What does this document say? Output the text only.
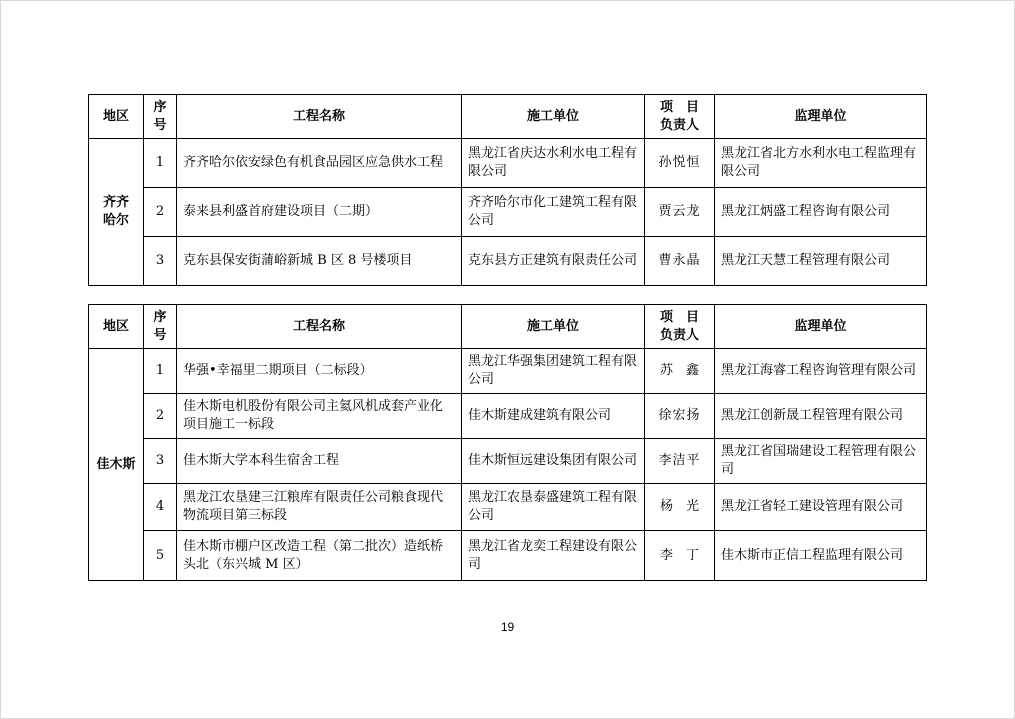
地区	序号	工程名称	施工单位	项　目负责人	监理单位
齐齐哈尔	1	齐齐哈尔依安绿色有机食品园区应急供水工程	黑龙江省庆达水利水电工程有限公司	孙悦恒	黑龙江省北方水利水电工程监理有限公司
	2	泰来县利盛首府建设项目（二期）	齐齐哈尔市化工建筑工程有限公司	贾云龙	黑龙江炳盛工程咨询有限公司
	3	克东县保安街蒲峪新城 B 区 8 号楼项目	克东县方正建筑有限责任公司	曹永晶	黑龙江天慧工程管理有限公司
地区	序号	工程名称	施工单位	项　目负责人	监理单位
佳木斯	1	华强•幸福里二期项目（二标段）	黑龙江华强集团建筑工程有限公司	苏　鑫	黑龙江海睿工程咨询管理有限公司
	2	佳木斯电机股份有限公司主氦风机成套产业化项目施工一标段	佳木斯建成建筑有限公司	徐宏扬	黑龙江创新晟工程管理有限公司
	3	佳木斯大学本科生宿舍工程	佳木斯恒远建设集团有限公司	李洁平	黑龙江省国瑞建设工程管理有限公司
	4	黑龙江农垦建三江粮库有限责任公司粮食现代物流项目第三标段	黑龙江农垦泰盛建筑工程有限公司	杨　光	黑龙江省轻工建设管理有限公司
	5	佳木斯市棚户区改造工程（第二批次）造纸桥头北（东兴城 M 区）	黑龙江省龙奕工程建设有限公司	李　丁	佳木斯市正信工程监理有限公司
19
